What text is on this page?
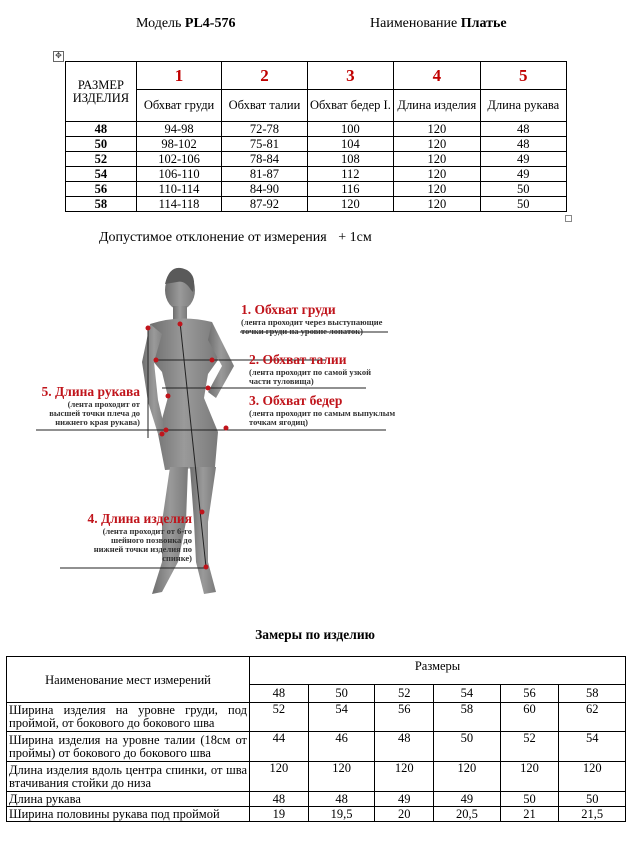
Модель PL4-576	Наименование Платье
✥
РАЗМЕР ИЗДЕЛИЯ	1	2	3	4	5
	Обхват груди	Обхват талии	Обхват бедер I.	Длина изделия	Длина рукава
48	94-98	72-78	100	120	48
50	98-102	75-81	104	120	48
52	102-106	78-84	108	120	49
54	106-110	81-87	112	120	49
56	110-114	84-90	116	120	50
58	114-118	87-92	120	120	50
Допустимое отклонение от измерения + 1см
1. Обхват груди
(лента проходит через выступающие точки груди на уровне лопаток)
2. Обхват талии
(лента проходит по самой узкой части туловища)
3. Обхват бедер
(лента проходит по самым выпуклым точкам ягодиц)
5. Длина рукава
(лента проходит от высшей точки плеча до нижнего края рукава)
4. Длина изделия
(лента проходит от 6-го шейного позвонка до нижней точки изделия по спинке)
Замеры по изделию
Наименование мест измерений	Размеры					
	48	50	52	54	56	58
Ширина изделия на уровне груди, под проймой, от бокового до бокового шва	52	54	56	58	60	62
Ширина изделия на уровне талии (18см от проймы) от бокового до бокового шва	44	46	48	50	52	54
Длина изделия вдоль центра спинки, от шва втачивания стойки до низа	120	120	120	120	120	120
Длина рукава	48	48	49	49	50	50
Ширина половины рукава под проймой	19	19,5	20	20,5	21	21,5
